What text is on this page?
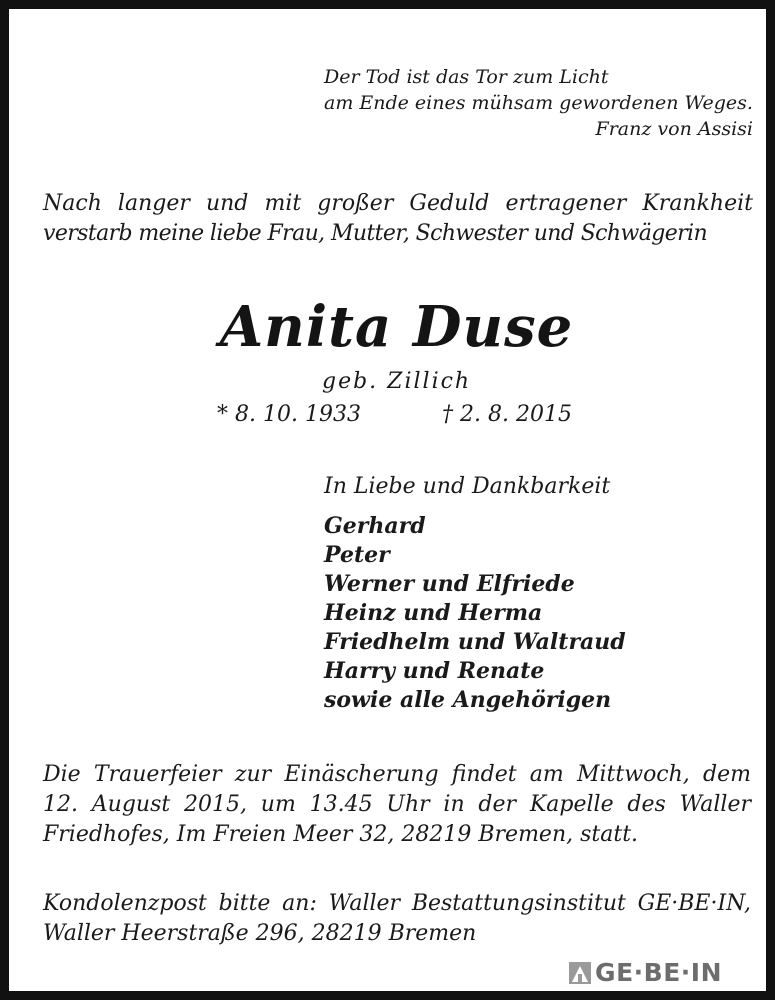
Der Tod ist das Tor zum Licht
am Ende eines mühsam gewordenen Weges.
Franz von Assisi
Nach langer und mit großer Geduld ertragener Krankheit
verstarb meine liebe Frau, Mutter, Schwester und Schwägerin
Anita Duse
geb. Zillich
* 8. 10. 1933	† 2. 8. 2015
In Liebe und Dankbarkeit
Gerhard
Peter
Werner und Elfriede
Heinz und Herma
Friedhelm und Waltraud
Harry und Renate
sowie alle Angehörigen
Die Trauerfeier zur Einäscherung findet am Mittwoch, dem
12. August 2015, um 13.45 Uhr in der Kapelle des Waller
Friedhofes, Im Freien Meer 32, 28219 Bremen, statt.
Kondolenzpost bitte an: Waller Bestattungsinstitut GE·BE·IN,
Waller Heerstraße 296, 28219 Bremen
GE·BE·IN
